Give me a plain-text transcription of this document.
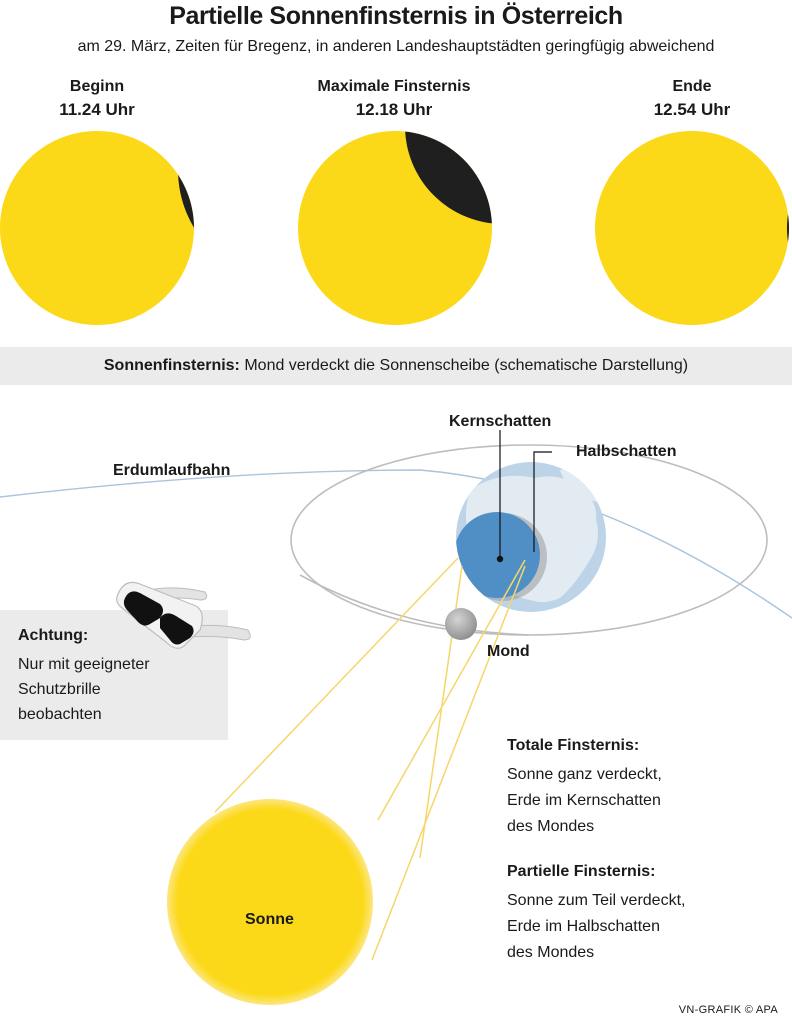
Partielle Sonnenfinsternis in Österreich
am 29. März, Zeiten für Bregenz, in anderen Landeshauptstädten geringfügig abweichend
Beginn
11.24 Uhr
Maximale Finsternis
12.18 Uhr
Ende
12.54 Uhr
Sonnenfinsternis: Mond verdeckt die Sonnenscheibe (schematische Darstellung)
Erdumlaufbahn
Kernschatten
Halbschatten
Mond
Sonne
Achtung:
Nur mit geeigneter
Schutzbrille
beobachten
Totale Finsternis:
Sonne ganz verdeckt,
Erde im Kernschatten
des Mondes
Partielle Finsternis:
Sonne zum Teil verdeckt,
Erde im Halbschatten
des Mondes
VN-GRAFIK © APA
